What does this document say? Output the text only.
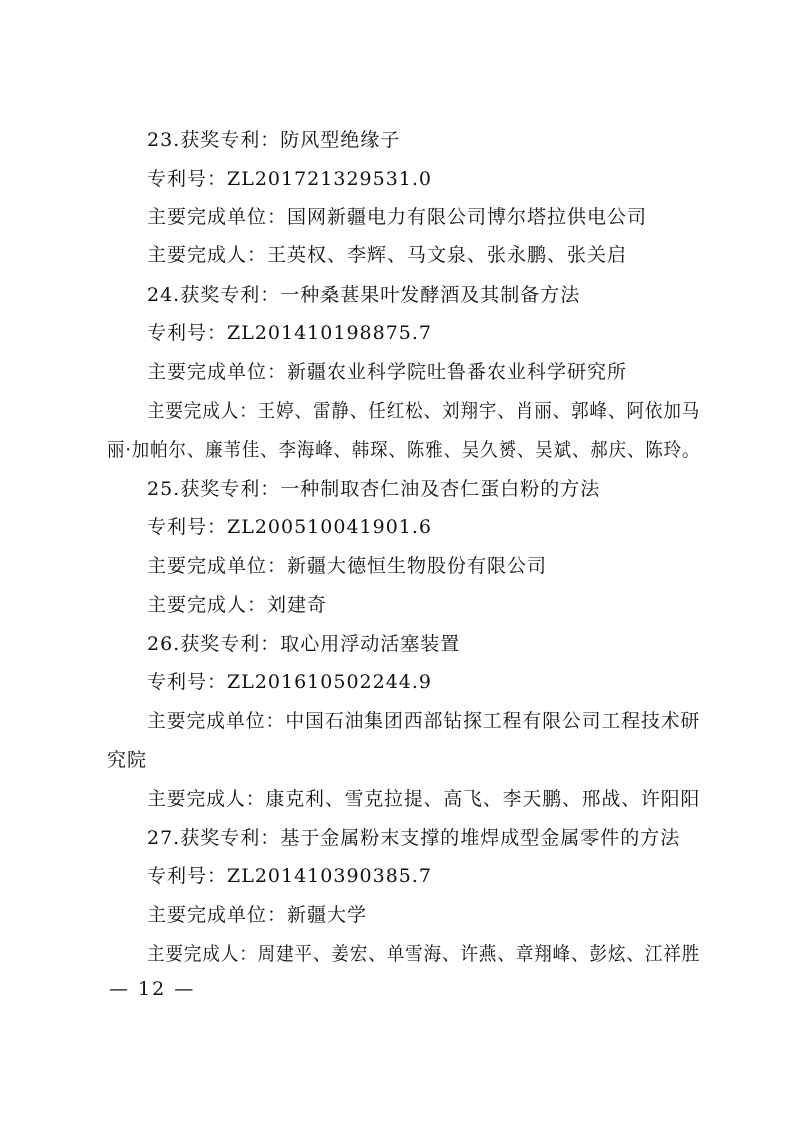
23.获奖专利：防风型绝缘子
专利号：ZL201721329531.0
主要完成单位：国网新疆电力有限公司博尔塔拉供电公司
主要完成人：王英权、李辉、马文泉、张永鹏、张关启
24.获奖专利：一种桑葚果叶发酵酒及其制备方法
专利号：ZL201410198875.7
主要完成单位：新疆农业科学院吐鲁番农业科学研究所
主要完成人：王婷、雷静、任红松、刘翔宇、肖丽、郭峰、阿依加马
丽·加帕尔、廉苇佳、李海峰、韩琛、陈雅、吴久赟、吴斌、郝庆、陈玲。
25.获奖专利：一种制取杏仁油及杏仁蛋白粉的方法
专利号：ZL200510041901.6
主要完成单位：新疆大德恒生物股份有限公司
主要完成人：刘建奇
26.获奖专利：取心用浮动活塞装置
专利号：ZL201610502244.9
主要完成单位：中国石油集团西部钻探工程有限公司工程技术研
究院
主要完成人：康克利、雪克拉提、高飞、李天鹏、邢战、许阳阳
27.获奖专利：基于金属粉末支撑的堆焊成型金属零件的方法
专利号：ZL201410390385.7
主要完成单位：新疆大学
主要完成人：周建平、姜宏、单雪海、许燕、章翔峰、彭炫、江祥胜
— 12 —
